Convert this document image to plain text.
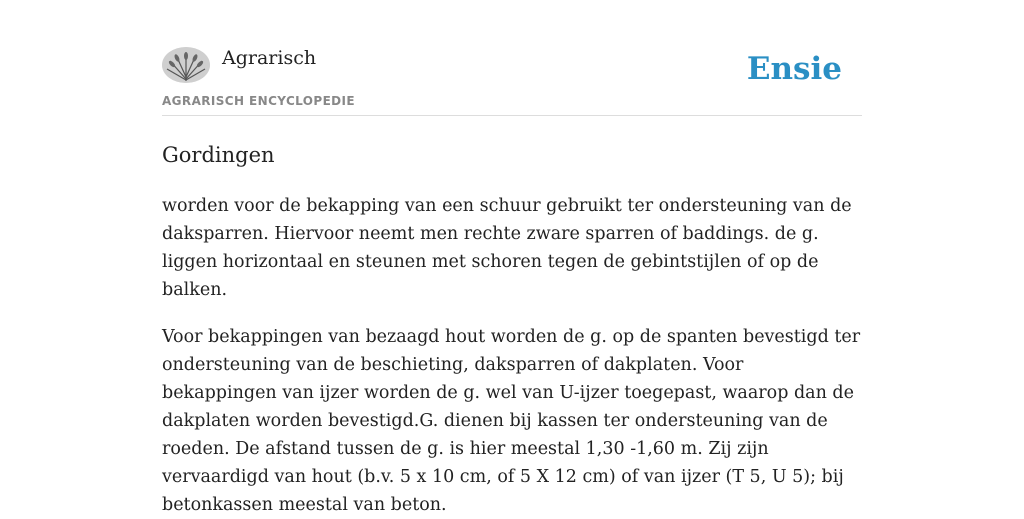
Agrarisch
AGRARISCH ENCYCLOPEDIE
Ensie
Gordingen

worden voor de bekapping van een schuur gebruikt ter ondersteuning van de daksparren. Hiervoor neemt men rechte zware sparren of baddings. de g. liggen horizontaal en steunen met schoren tegen de gebintstijlen of op de balken.

Voor bekappingen van bezaagd hout worden de g. op de spanten bevestigd ter ondersteuning van de beschieting, daksparren of dakplaten. Voor bekappingen van ijzer worden de g. wel van U-ijzer toegepast, waarop dan de dakplaten worden bevestigd.G. dienen bij kassen ter ondersteuning van de roeden. De afstand tussen de g. is hier meestal 1,30 -1,60 m. Zij zijn vervaardigd van hout (b.v. 5 x 10 cm, of 5 X 12 cm) of van ijzer (T 5, U 5); bij betonkassen meestal van beton.
